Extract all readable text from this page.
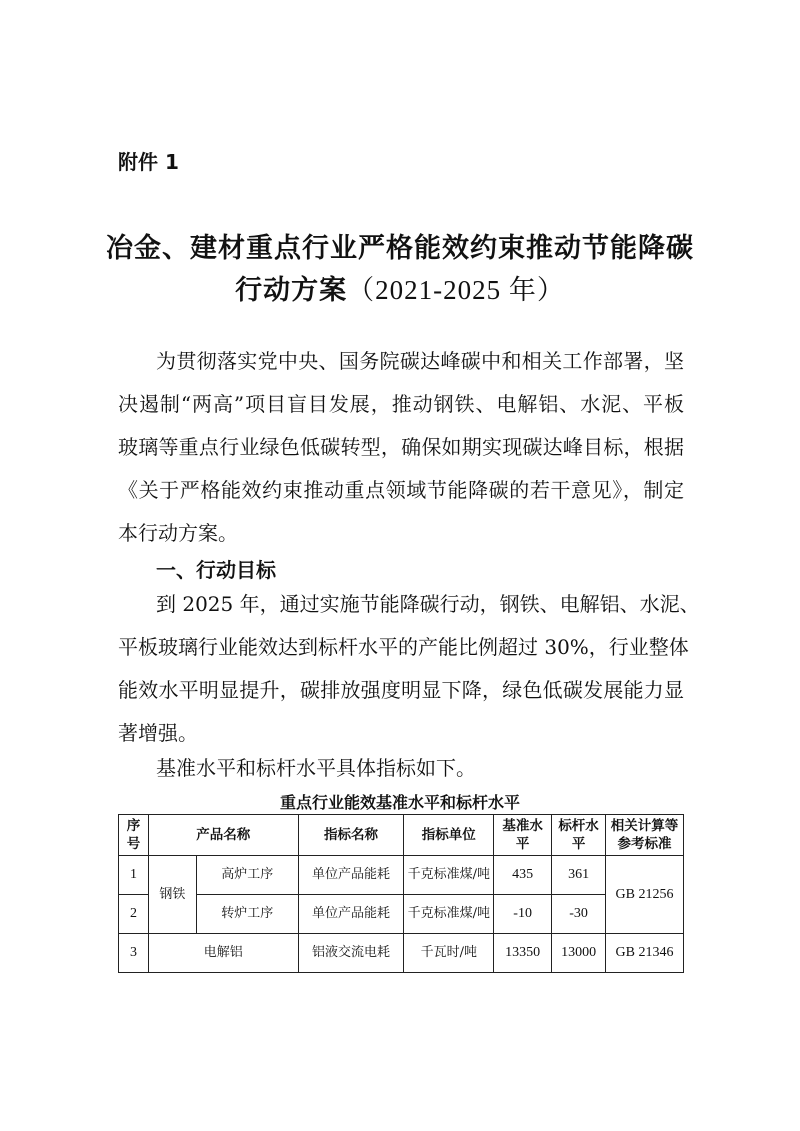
附件 1
冶金、建材重点行业严格能效约束推动节能降碳
行动方案（2021-2025 年）
为贯彻落实党中央、国务院碳达峰碳中和相关工作部署，坚
决遏制“两高”项目盲目发展，推动钢铁、电解铝、水泥、平板
玻璃等重点行业绿色低碳转型，确保如期实现碳达峰目标，根据
《关于严格能效约束推动重点领域节能降碳的若干意见》，制定
本行动方案。
一、行动目标
到 2025 年，通过实施节能降碳行动，钢铁、电解铝、水泥、
平板玻璃行业能效达到标杆水平的产能比例超过 30%，行业整体
能效水平明显提升，碳排放强度明显下降，绿色低碳发展能力显
著增强。
基准水平和标杆水平具体指标如下。
重点行业能效基准水平和标杆水平
序号	产品名称		指标名称	指标单位	基准水平	标杆水平	相关计算等参考标准
1	钢铁	高炉工序	单位产品能耗	千克标准煤/吨	435	361	GB 21256
2		转炉工序	单位产品能耗	千克标准煤/吨	-10	-30	
3	电解铝		铝液交流电耗	千瓦时/吨	13350	13000	GB 21346
